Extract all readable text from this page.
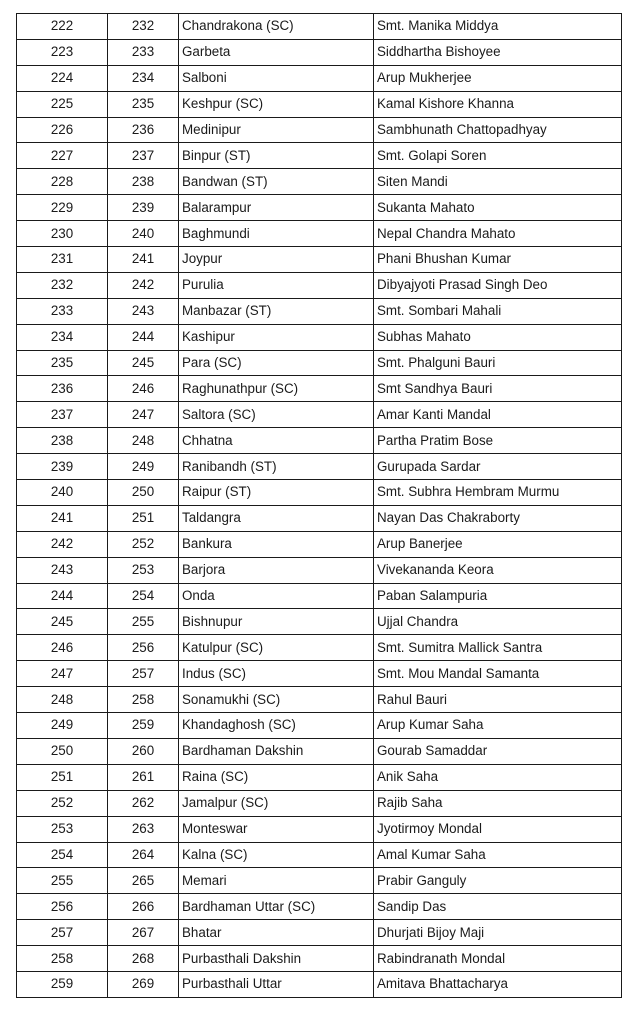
222	232	Chandrakona (SC)	Smt. Manika Middya
223	233	Garbeta	Siddhartha Bishoyee
224	234	Salboni	Arup Mukherjee
225	235	Keshpur (SC)	Kamal Kishore Khanna
226	236	Medinipur	Sambhunath Chattopadhyay
227	237	Binpur (ST)	Smt. Golapi Soren
228	238	Bandwan (ST)	Siten Mandi
229	239	Balarampur	Sukanta Mahato
230	240	Baghmundi	Nepal Chandra Mahato
231	241	Joypur	Phani Bhushan Kumar
232	242	Purulia	Dibyajyoti Prasad Singh Deo
233	243	Manbazar (ST)	Smt. Sombari Mahali
234	244	Kashipur	Subhas Mahato
235	245	Para (SC)	Smt. Phalguni Bauri
236	246	Raghunathpur (SC)	Smt Sandhya Bauri
237	247	Saltora (SC)	Amar Kanti Mandal
238	248	Chhatna	Partha Pratim Bose
239	249	Ranibandh (ST)	Gurupada Sardar
240	250	Raipur (ST)	Smt. Subhra Hembram Murmu
241	251	Taldangra	Nayan Das Chakraborty
242	252	Bankura	Arup Banerjee
243	253	Barjora	Vivekananda Keora
244	254	Onda	Paban Salampuria
245	255	Bishnupur	Ujjal Chandra
246	256	Katulpur (SC)	Smt. Sumitra Mallick Santra
247	257	Indus (SC)	Smt. Mou Mandal Samanta
248	258	Sonamukhi (SC)	Rahul Bauri
249	259	Khandaghosh (SC)	Arup Kumar Saha
250	260	Bardhaman Dakshin	Gourab Samaddar
251	261	Raina (SC)	Anik Saha
252	262	Jamalpur (SC)	Rajib Saha
253	263	Monteswar	Jyotirmoy Mondal
254	264	Kalna (SC)	Amal Kumar Saha
255	265	Memari	Prabir Ganguly
256	266	Bardhaman Uttar (SC)	Sandip Das
257	267	Bhatar	Dhurjati Bijoy Maji
258	268	Purbasthali Dakshin	Rabindranath Mondal
259	269	Purbasthali Uttar	Amitava Bhattacharya
